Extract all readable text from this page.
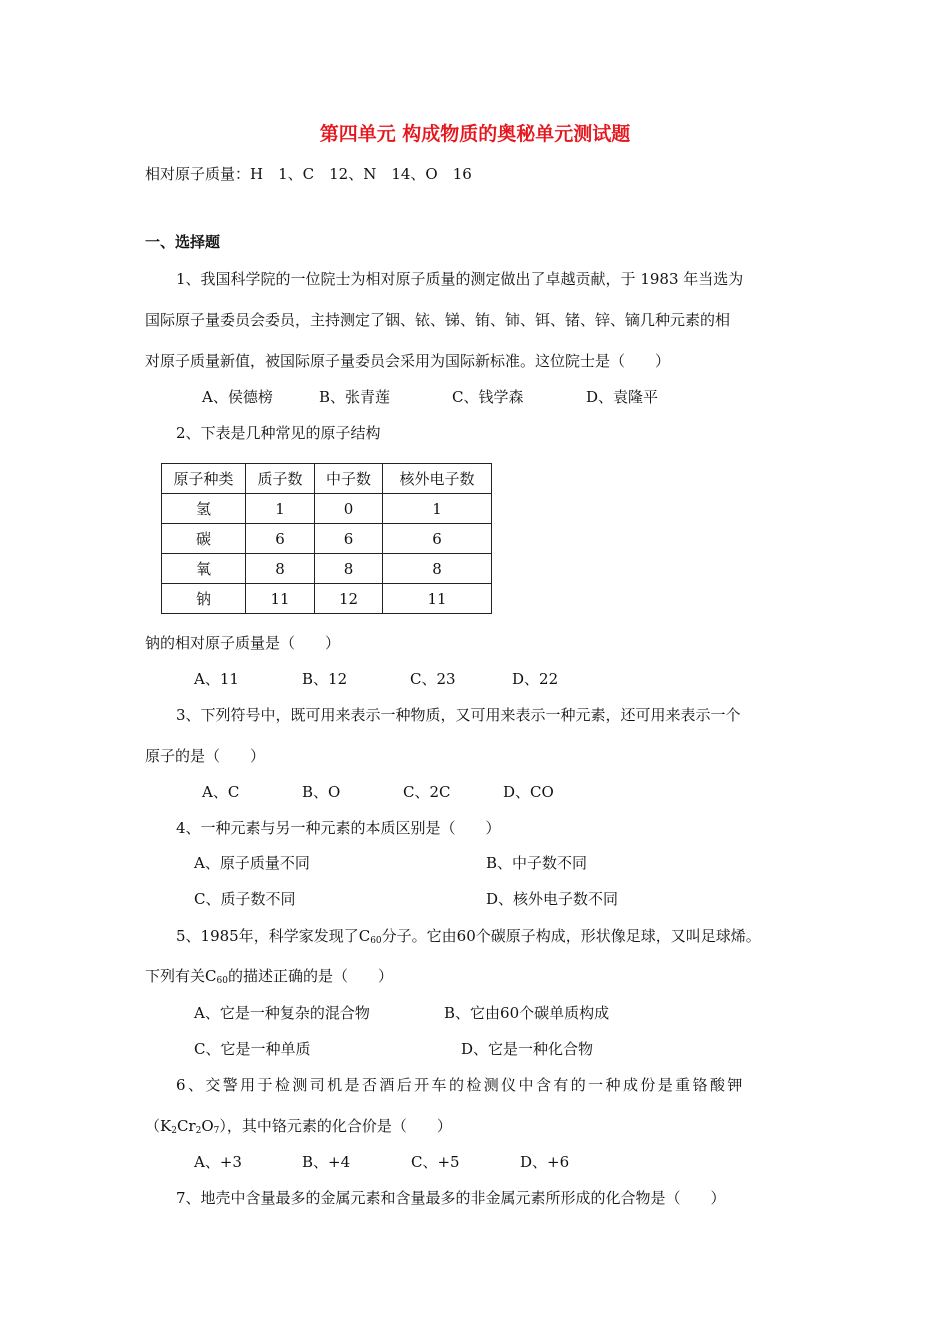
第四单元 构成物质的奥秘单元测试题
相对原子质量：H　1、C　12、N　14、O　16
一、选择题
1、我国科学院的一位院士为相对原子质量的测定做出了卓越贡献，于 1983 年当选为
国际原子量委员会委员，主持测定了铟、铱、锑、铕、铈、铒、锗、锌、镝几种元素的相
对原子质量新值，被国际原子量委员会采用为国际新标准。这位院士是（　　）
A、侯德榜	B、张青莲	C、钱学森	D、袁隆平
2、下表是几种常见的原子结构
原子种类	质子数	中子数	核外电子数
氢	1	0	1
碳	6	6	6
氧	8	8	8
钠	11	12	11
钠的相对原子质量是（　　）
A、11	B、12	C、23	D、22
3、下列符号中，既可用来表示一种物质，又可用来表示一种元素，还可用来表示一个
原子的是（　　）
A、C	B、O	C、2C	D、CO
4、一种元素与另一种元素的本质区别是（　　）
A、原子质量不同	B、中子数不同
C、质子数不同	D、核外电子数不同
5、1985年，科学家发现了$C_{60}$分子。它由60个碳原子构成，形状像足球，又叫足球烯。
下列有关$C_{60}$的描述正确的是（　　）
A、它是一种复杂的混合物	B、它由60个碳单质构成
C、它是一种单质	D、它是一种化合物
6、交警用于检测司机是否酒后开车的检测仪中含有的一种成份是重铬酸钾
$(K_2Cr_2O_7)$，其中铬元素的化合价是（　　）
A、+3	B、+4	C、+5	D、+6
7、地壳中含量最多的金属元素和含量最多的非金属元素所形成的化合物是（　　）
